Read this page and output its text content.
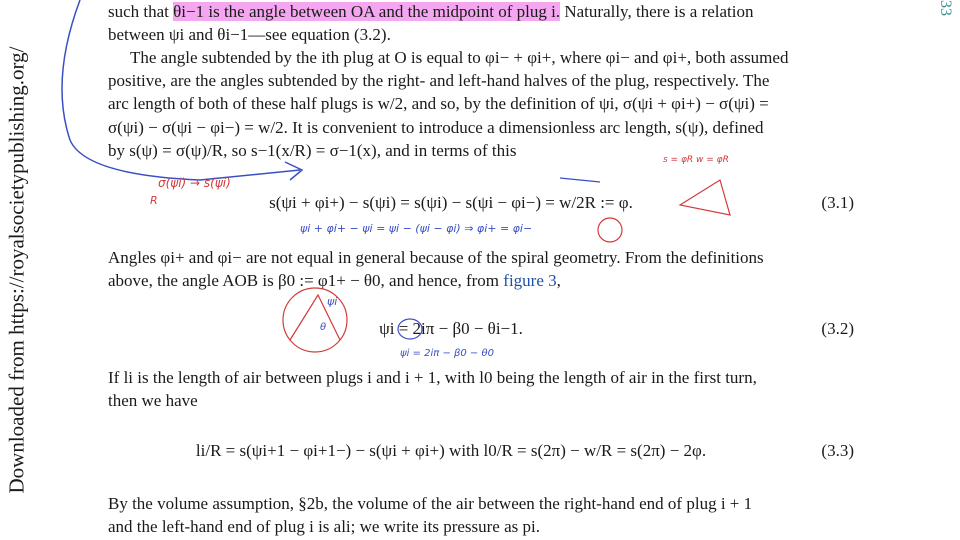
Downloaded from https://royalsocietypublishing.org/
33

such that θi−1 is the angle between OA and the midpoint of plug i. Naturally, there is a relation
between ψi and θi−1—see equation (3.2).

The angle subtended by the ith plug at O is equal to φi− + φi+, where φi− and φi+, both assumed
positive, are the angles subtended by the right- and left-hand halves of the plug, respectively. The
arc length of both of these half plugs is w/2, and so, by the definition of ψi, σ(ψi + φi+) − σ(ψi) =
σ(ψi) − σ(ψi − φi−) = w/2. It is convenient to introduce a dimensionless arc length, s(ψ), defined
by s(ψ) = σ(ψ)/R, so s−1(x/R) = σ−1(x), and in terms of this

s(ψi + φi+) − s(ψi) = s(ψi) − s(ψi − φi−) = w/2R := φ.	(3.1)

Angles φi+ and φi− are not equal in general because of the spiral geometry. From the definitions
above, the angle AOB is β0 := φ1+ − θ0, and hence, from figure 3,

ψi = 2iπ − β0 − θi−1.	(3.2)

If li is the length of air between plugs i and i + 1, with l0 being the length of air in the first turn,
then we have

li/R = s(ψi+1 − φi+1−) − s(ψi + φi+) with l0/R = s(2π) − w/R = s(2π) − 2φ.	(3.3)

By the volume assumption, §2b, the volume of the air between the right-hand end of plug i + 1
and the left-hand end of plug i is ali; we write its pressure as pi.

σ(ψi) → s(ψi)
R
ψi + φi+ − ψi = ψi − (ψi − φi) ⇒ φi+ = φi−
s = φR w = φR
ψi
θ
ψi = 2iπ − β0 − θ0
